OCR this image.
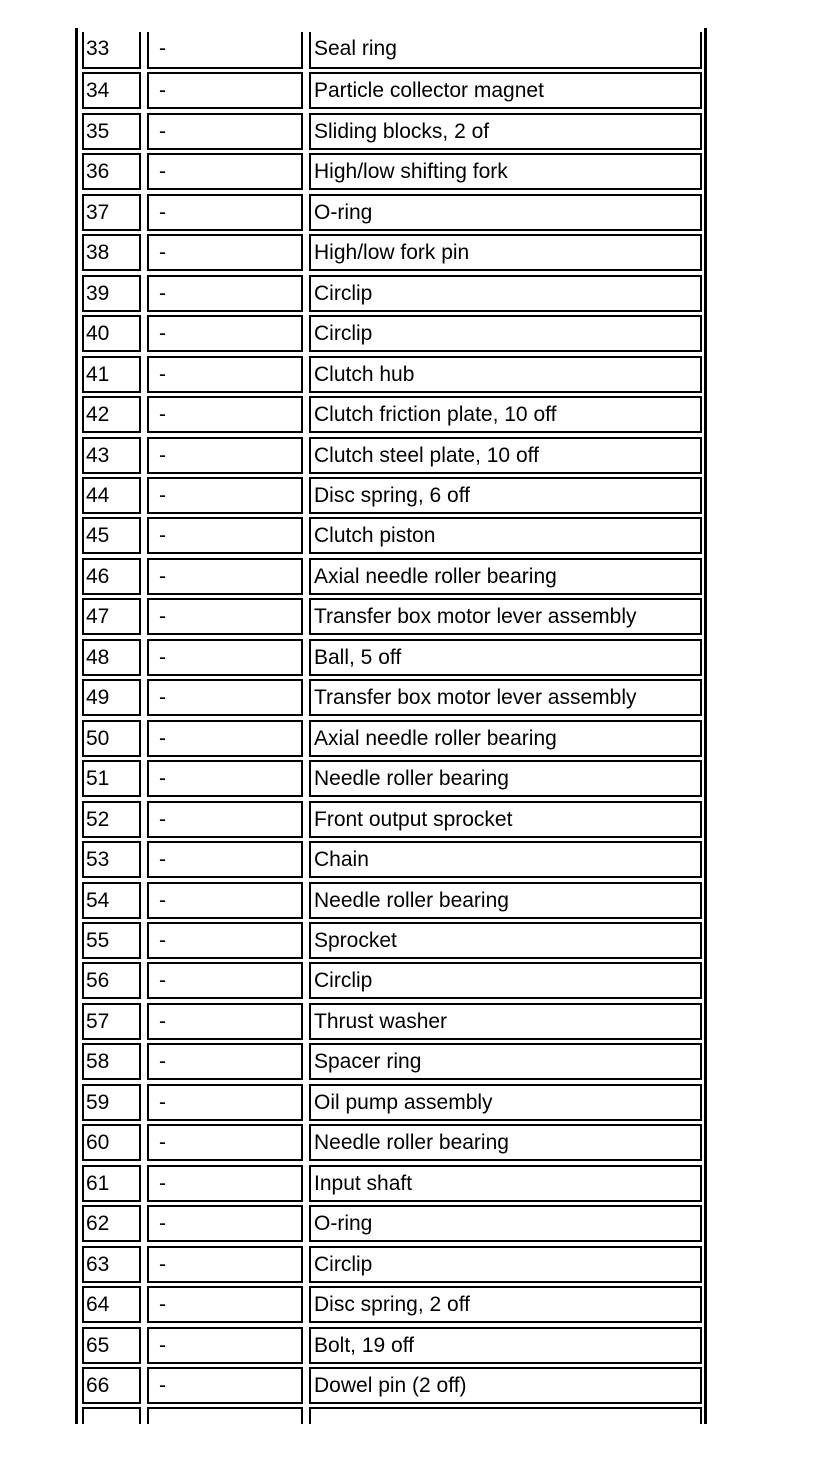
33	-	Seal ring
34	-	Particle collector magnet
35	-	Sliding blocks, 2 of
36	-	High/low shifting fork
37	-	O-ring
38	-	High/low fork pin
39	-	Circlip
40	-	Circlip
41	-	Clutch hub
42	-	Clutch friction plate, 10 off
43	-	Clutch steel plate, 10 off
44	-	Disc spring, 6 off
45	-	Clutch piston
46	-	Axial needle roller bearing
47	-	Transfer box motor lever assembly
48	-	Ball, 5 off
49	-	Transfer box motor lever assembly
50	-	Axial needle roller bearing
51	-	Needle roller bearing
52	-	Front output sprocket
53	-	Chain
54	-	Needle roller bearing
55	-	Sprocket
56	-	Circlip
57	-	Thrust washer
58	-	Spacer ring
59	-	Oil pump assembly
60	-	Needle roller bearing
61	-	Input shaft
62	-	O-ring
63	-	Circlip
64	-	Disc spring, 2 off
65	-	Bolt, 19 off
66	-	Dowel pin (2 off)
